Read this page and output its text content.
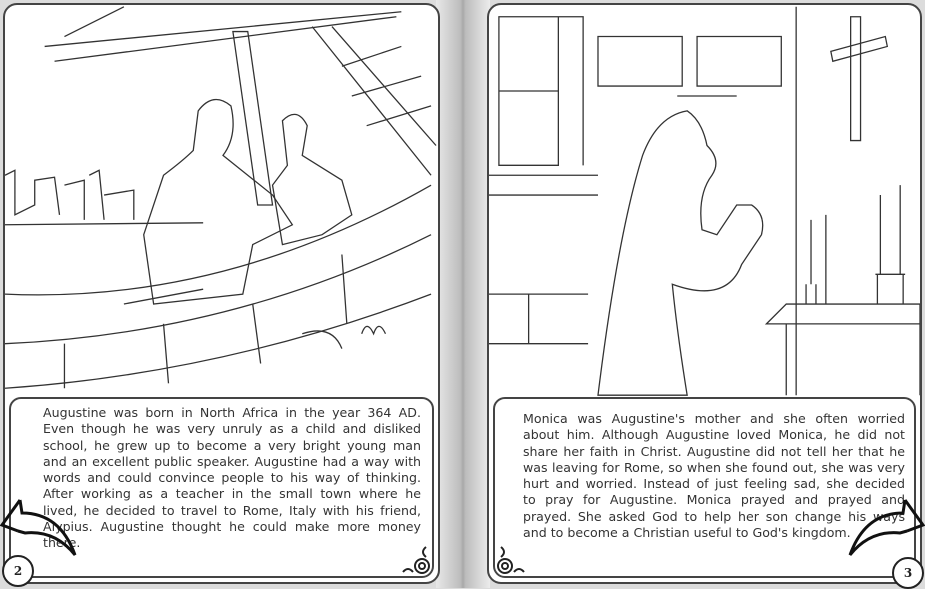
Augustine was born in North Africa in the year 364 AD.
Even though he was very unruly as a child and disliked
school, he grew up to become a very bright young man
and an excellent public speaker. Augustine had a way with
words and could convince people to his way of thinking.
After working as a teacher in the small town where he
lived, he decided to travel to Rome, Italy with his friend,
Alypius. Augustine thought he could make more money
there.
Monica was Augustine's mother and she often worried
about him. Although Augustine loved Monica, he did not
share her faith in Christ. Augustine did not tell her that he
was leaving for Rome, so when she found out, she was very
hurt and worried. Instead of just feeling sad, she decided
to pray for Augustine. Monica prayed and prayed and
prayed. She asked God to help her son change his ways
and to become a Christian useful to God's kingdom.
2	3
